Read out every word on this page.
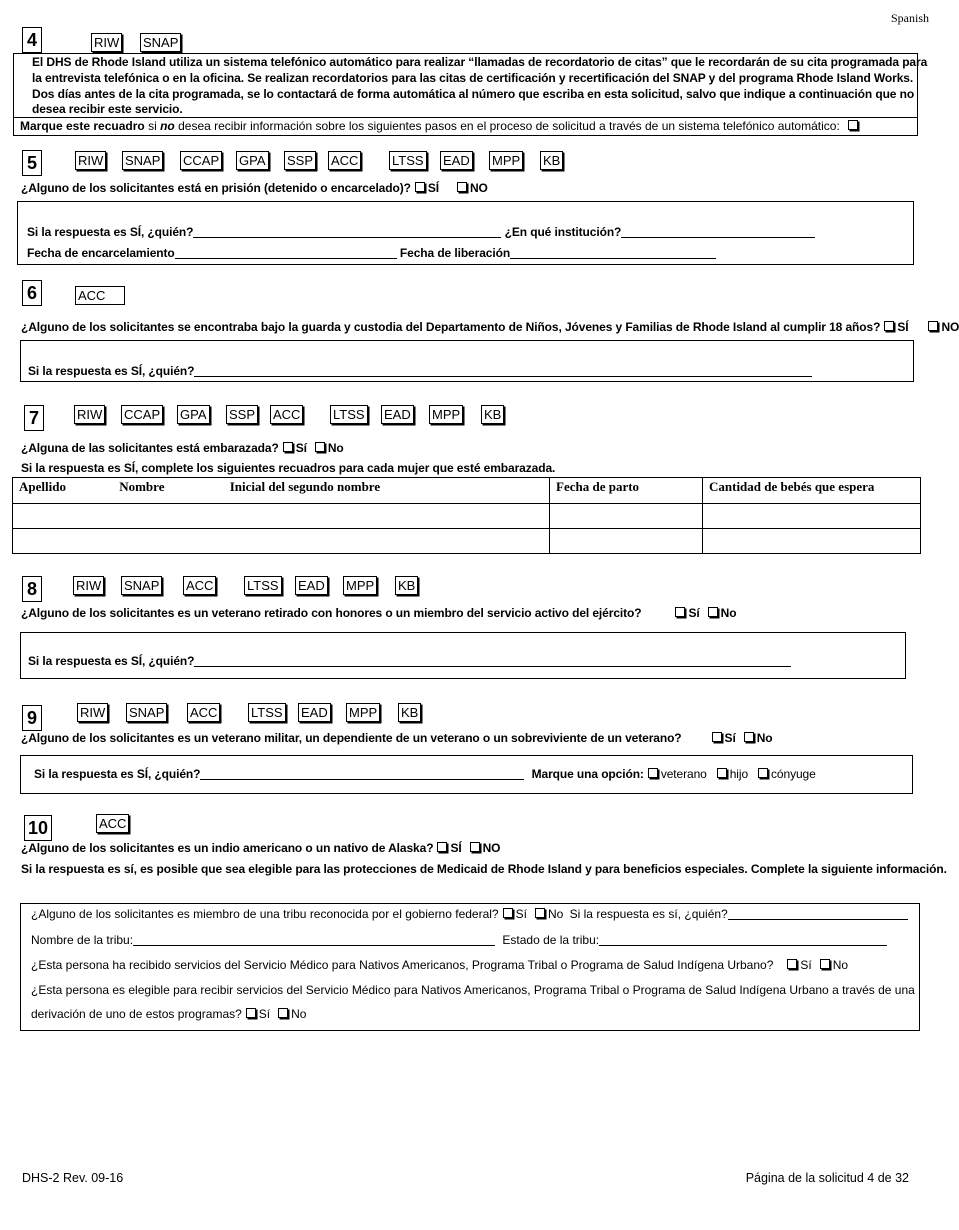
Spanish
4	RIW SNAP
El DHS de Rhode Island utiliza un sistema telefónico automático para realizar “llamadas de recordatorio de citas” que le recordarán de su cita programada para
la entrevista telefónica o en la oficina. Se realizan recordatorios para las citas de certificación y recertificación del SNAP y del programa Rhode Island Works.
Dos días antes de la cita programada, se lo contactará de forma automática al número que escriba en esta solicitud, salvo que indique a continuación que no
desea recibir este servicio.
Marque este recuadro si no desea recibir información sobre los siguientes pasos en el proceso de solicitud a través de un sistema telefónico automático:
5	RIW SNAP CCAP GPA SSP ACC	LTSS EAD MPP KB
¿Alguno de los solicitantes está en prisión (detenido o encarcelado)? SÍ	NO
Si la respuesta es SÍ, ¿quién?	¿En qué institución?
Fecha de encarcelamiento	Fecha de liberación
6	ACC
¿Alguno de los solicitantes se encontraba bajo la guarda y custodia del Departamento de Niños, Jóvenes y Familias de Rhode Island al cumplir 18 años? SÍ	NO
Si la respuesta es SÍ, ¿quién?
7	RIW CCAP GPA SSP ACC	LTSS EAD MPP KB
¿Alguna de las solicitantes está embarazada? Sí No
Si la respuesta es SÍ, complete los siguientes recuadros para cada mujer que esté embarazada.
Apellido Nombre Inicial del segundo nombre	Fecha de parto	Cantidad de bebés que espera

8	RIW SNAP ACC	LTSS EAD MPP KB
¿Alguno de los solicitantes es un veterano retirado con honores o un miembro del servicio activo del ejército?	Sí No
Si la respuesta es SÍ, ¿quién?
9	RIW SNAP ACC	LTSS EAD MPP KB
¿Alguno de los solicitantes es un veterano militar, un dependiente de un veterano o un sobreviviente de un veterano?	Sí No
Si la respuesta es SÍ, ¿quién?	Marque una opción: veterano hijo cónyuge
10	ACC
¿Alguno de los solicitantes es un indio americano o un nativo de Alaska? SÍ NO
Si la respuesta es sí, es posible que sea elegible para las protecciones de Medicaid de Rhode Island y para beneficios especiales. Complete la siguiente información.
¿Alguno de los solicitantes es miembro de una tribu reconocida por el gobierno federal? Sí No Si la respuesta es sí, ¿quién?
Nombre de la tribu:	Estado de la tribu:
¿Esta persona ha recibido servicios del Servicio Médico para Nativos Americanos, Programa Tribal o Programa de Salud Indígena Urbano? Sí No
¿Esta persona es elegible para recibir servicios del Servicio Médico para Nativos Americanos, Programa Tribal o Programa de Salud Indígena Urbano a través de una
derivación de uno de estos programas? Sí No
DHS-2 Rev. 09-16	Página de la solicitud 4 de 32
